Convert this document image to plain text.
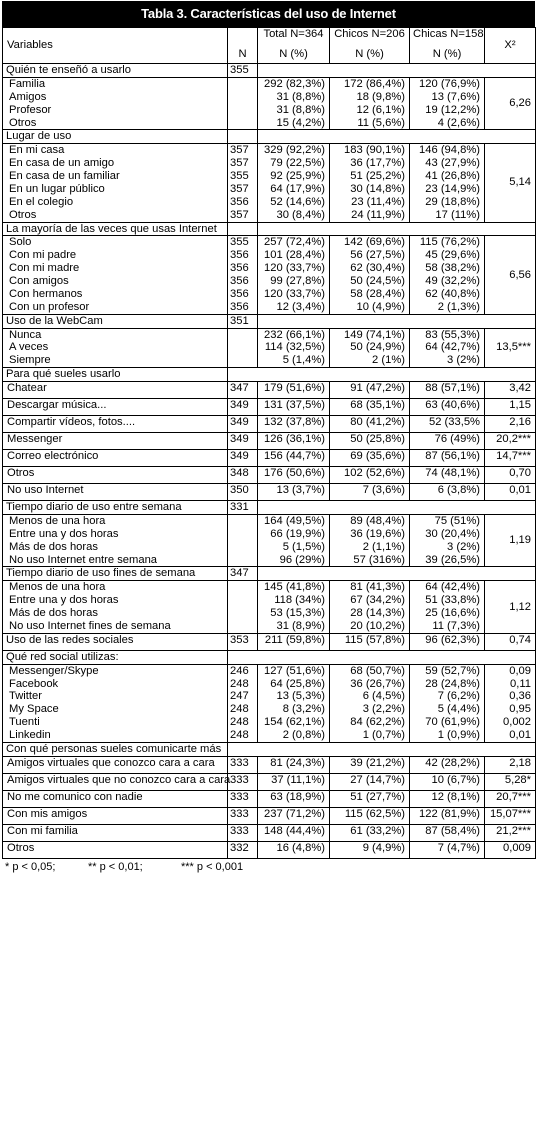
Tabla 3. Características del uso de Internet
Variables		Total N=364	Chicos N=206	Chicas N=158	X²
	N	N (%)	N (%)	N (%)	
Quién te enseñó a usarlo	355				
Familia		292 (82,3%)	172 (86,4%)	120 (76,9%)	6,26
Amigos		31 (8,8%)	18 (9,8%)	13 (7,6%)	
Profesor		31 (8,8%)	12 (6,1%)	19 (12,2%)	
Otros		15 (4,2%)	11 (5,6%)	4 (2,6%)	
Lugar de uso					
En mi casa	357	329 (92,2%)	183 (90,1%)	146 (94,8%)	5,14
En casa de un amigo	357	79 (22,5%)	36 (17,7%)	43 (27,9%)	
En casa de un familiar	355	92 (25,9%)	51 (25,2%)	41 (26,8%)	
En un lugar público	357	64 (17,9%)	30 (14,8%)	23 (14,9%)	
En el colegio	356	52 (14,6%)	23 (11,4%)	29 (18,8%)	
Otros	357	30 (8,4%)	24 (11,9%)	17 (11%)	
La mayoría de las veces que usas Internet					
Solo	355	257 (72,4%)	142 (69,6%)	115 (76,2%)	6,56
Con mi padre	356	101 (28,4%)	56 (27,5%)	45 (29,6%)	
Con mi madre	356	120 (33,7%)	62 (30,4%)	58 (38,2%)	
Con amigos	356	99 (27,8%)	50 (24,5%)	49 (32,2%)	
Con hermanos	356	120 (33,7%)	58 (28,4%)	62 (40,8%)	
Con un profesor	356	12 (3,4%)	10 (4,9%)	2 (1,3%)	
Uso de la WebCam	351				
Nunca		232 (66,1%)	149 (74,1%)	83 (55,3%)	13,5***
A veces		114 (32,5%)	50 (24,9%)	64 (42,7%)	
Siempre		5 (1,4%)	2 (1%)	3 (2%)	
Para qué sueles usarlo					
Chatear	347	179 (51,6%)	91 (47,2%)	88 (57,1%)	3,42
Descargar música...	349	131 (37,5%)	68 (35,1%)	63 (40,6%)	1,15
Compartir vídeos, fotos....	349	132 (37,8%)	80 (41,2%)	52 (33,5%	2,16
Messenger	349	126 (36,1%)	50 (25,8%)	76 (49%)	20,2***
Correo electrónico	349	156 (44,7%)	69 (35,6%)	87 (56,1%)	14,7***
Otros	348	176 (50,6%)	102 (52,6%)	74 (48,1%)	0,70
No uso Internet	350	13 (3,7%)	7 (3,6%)	6 (3,8%)	0,01
Tiempo diario de uso entre semana	331				
Menos de una hora		164 (49,5%)	89 (48,4%)	75 (51%)	1,19
Entre una y dos horas		66 (19,9%)	36 (19,6%)	30 (20,4%)	
Más de dos horas		5 (1,5%)	2 (1,1%)	3 (2%)	
No uso Internet entre semana		96 (29%)	57 (316%)	39 (26,5%)	
Tiempo diario de uso fines de semana	347				
Menos de una hora		145 (41,8%)	81 (41,3%)	64 (42,4%)	1,12
Entre una y dos horas		118 (34%)	67 (34,2%)	51 (33,8%)	
Más de dos horas		53 (15,3%)	28 (14,3%)	25 (16,6%)	
No uso Internet fines de semana		31 (8,9%)	20 (10,2%)	11 (7,3%)	
Uso de las redes sociales	353	211 (59,8%)	115 (57,8%)	96 (62,3%)	0,74
Qué red social utilizas:					
Messenger/Skype	246	127 (51,6%)	68 (50,7%)	59 (52,7%)	0,09
Facebook	248	64 (25,8%)	36 (26,7%)	28 (24,8%)	0,11
Twitter	247	13 (5,3%)	6 (4,5%)	7 (6,2%)	0,36
My Space	248	8 (3,2%)	3 (2,2%)	5 (4,4%)	0,95
Tuenti	248	154 (62,1%)	84 (62,2%)	70 (61,9%)	0,002
Linkedin	248	2 (0,8%)	1 (0,7%)	1 (0,9%)	0,01
Con qué personas sueles comunicarte más					
Amigos virtuales que conozco cara a cara	333	81 (24,3%)	39 (21,2%)	42 (28,2%)	2,18
Amigos virtuales que no conozco cara a cara	333	37 (11,1%)	27 (14,7%)	10 (6,7%)	5,28*
No me comunico con nadie	333	63 (18,9%)	51 (27,7%)	12 (8,1%)	20,7***
Con mis amigos	333	237 (71,2%)	115 (62,5%)	122 (81,9%)	15,07***
Con mi familia	333	148 (44,4%)	61 (33,2%)	87 (58,4%)	21,2***
Otros	332	16 (4,8%)	9 (4,9%)	7 (4,7%)	0,009
* p < 0,05;	** p < 0,01;	*** p < 0,001
